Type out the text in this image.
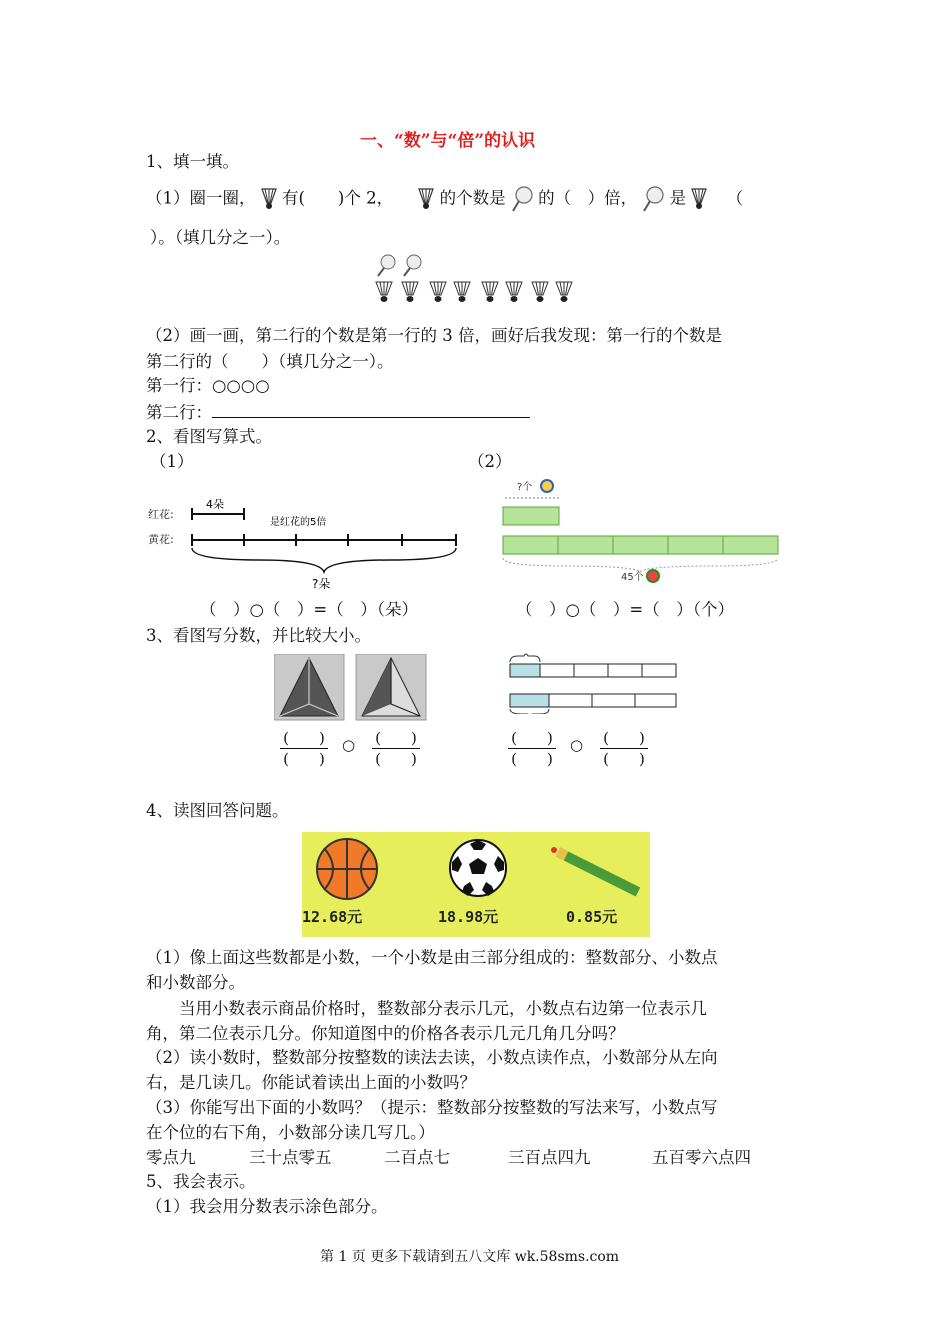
一、“数”与“倍”的认识
1、填一填。
（1）圈一圈， 有(　　)个 2，	的个数是 的（　）倍， 是 （
）。（填几分之一）。
（2）画一画，第二行的个数是第一行的 3 倍，画好后我发现：第一行的个数是
第二行的（　　）（填几分之一）。
第一行：○○○○
第二行：
2、看图写算式。
（1）	（2）
红花:
黄花:
4朵
是红花的5倍
?朵
?个
45个
（　）○（　）=（　）（朵）	（　）○（　）=（　）（个）
3、看图写分数，并比较大小。
(　　)
(　　)
○ (　　)
(　　)
(　　)
(　　)
○ (　　)
(　　)
4、读图回答问题。
12.68元	18.98元	0.85元
（1）像上面这些数都是小数，一个小数是由三部分组成的：整数部分、小数点
和小数部分。
　　当用小数表示商品价格时，整数部分表示几元，小数点右边第一位表示几
角，第二位表示几分。你知道图中的价格各表示几元几角几分吗？
（2）读小数时，整数部分按整数的读法去读，小数点读作点，小数部分从左向
右，是几读几。你能试着读出上面的小数吗？
（3）你能写出下面的小数吗？（提示：整数部分按整数的写法来写，小数点写
在个位的右下角，小数部分读几写几。）
零点九	三十点零五	二百点七	三百点四九	五百零六点四
5、我会表示。
（1）我会用分数表示涂色部分。
第 1 页 更多下载请到五八文库 wk.58sms.com
